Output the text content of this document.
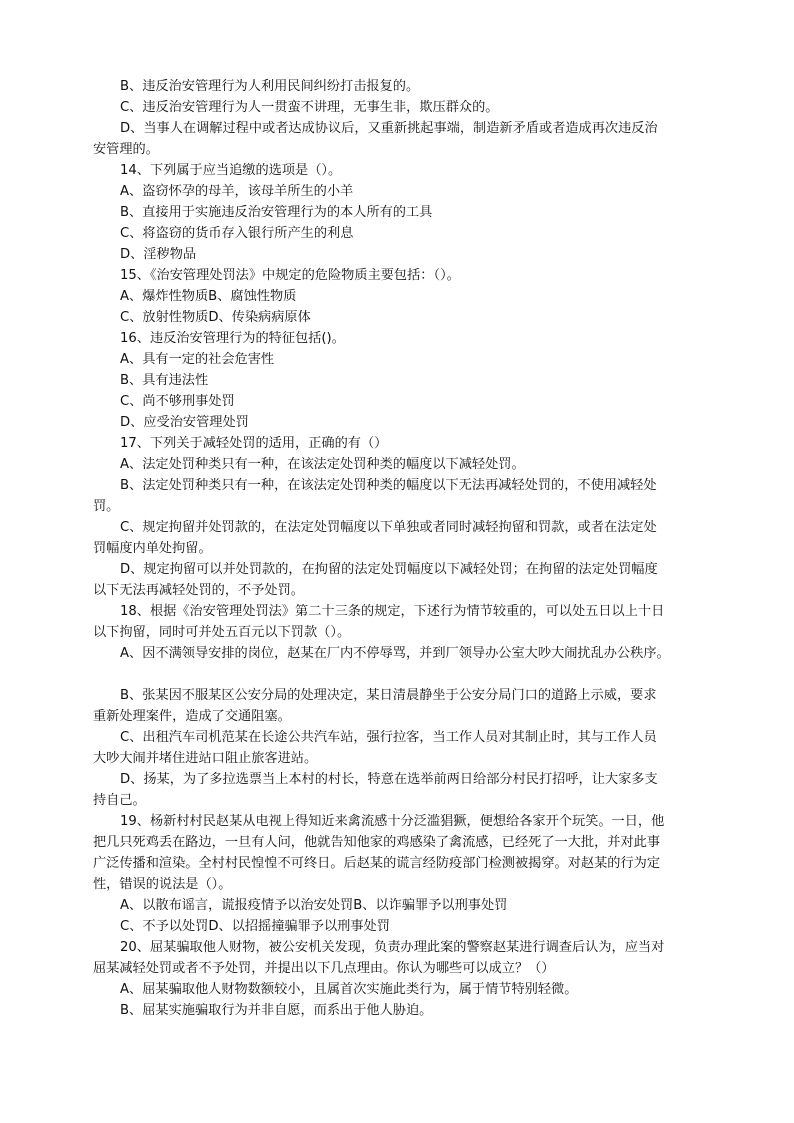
B、违反治安管理行为人利用民间纠纷打击报复的。
C、违反治安管理行为人一贯蛮不讲理，无事生非，欺压群众的。
D、当事人在调解过程中或者达成协议后，又重新挑起事端，制造新矛盾或者造成再次违反治
安管理的。
14、下列属于应当追缴的选项是（）。
A、盗窃怀孕的母羊，该母羊所生的小羊
B、直接用于实施违反治安管理行为的本人所有的工具
C、将盗窃的货币存入银行所产生的利息
D、淫秽物品
15、《治安管理处罚法》中规定的危险物质主要包括：（）。
A、爆炸性物质B、腐蚀性物质
C、放射性物质D、传染病病原体
16、违反治安管理行为的特征包括()。
A、具有一定的社会危害性
B、具有违法性
C、尚不够刑事处罚
D、应受治安管理处罚
17、下列关于减轻处罚的适用，正确的有（）
A、法定处罚种类只有一种，在该法定处罚种类的幅度以下减轻处罚。
B、法定处罚种类只有一种，在该法定处罚种类的幅度以下无法再减轻处罚的，不使用减轻处
罚。
C、规定拘留并处罚款的，在法定处罚幅度以下单独或者同时减轻拘留和罚款，或者在法定处
罚幅度内单处拘留。
D、规定拘留可以并处罚款的，在拘留的法定处罚幅度以下减轻处罚；在拘留的法定处罚幅度
以下无法再减轻处罚的，不予处罚。
18、根据《治安管理处罚法》第二十三条的规定，下述行为情节较重的，可以处五日以上十日
以下拘留，同时可并处五百元以下罚款（）。
A、因不满领导安排的岗位，赵某在厂内不停辱骂，并到厂领导办公室大吵大闹扰乱办公秩序。
B、张某因不服某区公安分局的处理决定，某日清晨静坐于公安分局门口的道路上示威，要求
重新处理案件，造成了交通阻塞。
C、出租汽车司机范某在长途公共汽车站，强行拉客，当工作人员对其制止时，其与工作人员
大吵大闹并堵住进站口阻止旅客进站。
D、扬某，为了多拉选票当上本村的村长，特意在选举前两日给部分村民打招呼，让大家多支
持自己。
19、杨新村村民赵某从电视上得知近来禽流感十分泛滥猖獗，便想给各家开个玩笑。一日，他
把几只死鸡丢在路边，一旦有人问，他就告知他家的鸡感染了禽流感，已经死了一大批，并对此事
广泛传播和渲染。全村村民惶惶不可终日。后赵某的谎言经防疫部门检测被揭穿。对赵某的行为定
性，错误的说法是（）。
A、以散布谣言，谎报疫情予以治安处罚B、以诈骗罪予以刑事处罚
C、不予以处罚D、以招摇撞骗罪予以刑事处罚
20、屈某骗取他人财物，被公安机关发现，负责办理此案的警察赵某进行调查后认为，应当对
屈某减轻处罚或者不予处罚，并提出以下几点理由。你认为哪些可以成立？（）
A、屈某骗取他人财物数额较小，且属首次实施此类行为，属于情节特别轻微。
B、屈某实施骗取行为并非自愿，而系出于他人胁迫。
